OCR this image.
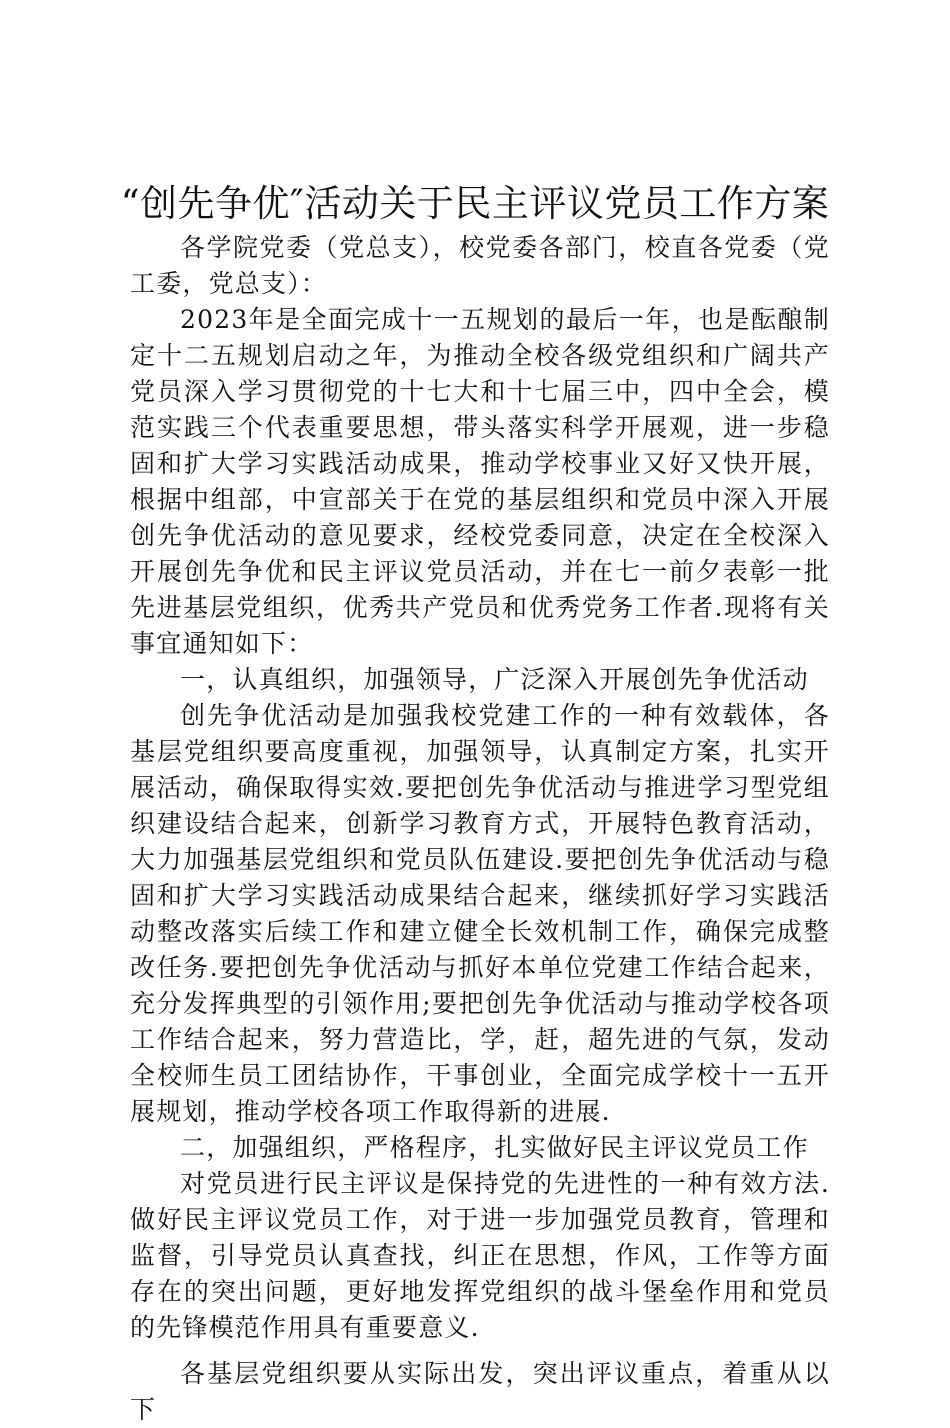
“创先争优″活动关于民主评议党员工作方案

各学院党委（党总支），校党委各部门，校直各党委（党工委，党总支）：

2023年是全面完成十一五规划的最后一年，也是酝酿制定十二五规划启动之年，为推动全校各级党组织和广阔共产党员深入学习贯彻党的十七大和十七届三中，四中全会，模范实践三个代表重要思想，带头落实科学开展观，进一步稳固和扩大学习实践活动成果，推动学校事业又好又快开展，根据中组部，中宣部关于在党的基层组织和党员中深入开展创先争优活动的意见要求，经校党委同意，决定在全校深入开展创先争优和民主评议党员活动，并在七一前夕表彰一批先进基层党组织，优秀共产党员和优秀党务工作者.现将有关事宜通知如下：

一，认真组织，加强领导，广泛深入开展创先争优活动

创先争优活动是加强我校党建工作的一种有效载体，各基层党组织要高度重视，加强领导，认真制定方案，扎实开展活动，确保取得实效.要把创先争优活动与推进学习型党组织建设结合起来，创新学习教育方式，开展特色教育活动，大力加强基层党组织和党员队伍建设.要把创先争优活动与稳固和扩大学习实践活动成果结合起来，继续抓好学习实践活动整改落实后续工作和建立健全长效机制工作，确保完成整改任务.要把创先争优活动与抓好本单位党建工作结合起来，充分发挥典型的引领作用;要把创先争优活动与推动学校各项工作结合起来，努力营造比，学，赶，超先进的气氛，发动全校师生员工团结协作，干事创业，全面完成学校十一五开展规划，推动学校各项工作取得新的进展.

二，加强组织，严格程序，扎实做好民主评议党员工作

对党员进行民主评议是保持党的先进性的一种有效方法.做好民主评议党员工作，对于进一步加强党员教育，管理和监督，引导党员认真查找，纠正在思想，作风，工作等方面存在的突出问题，更好地发挥党组织的战斗堡垒作用和党员的先锋模范作用具有重要意义.

各基层党组织要从实际出发，突出评议重点，着重从以下
